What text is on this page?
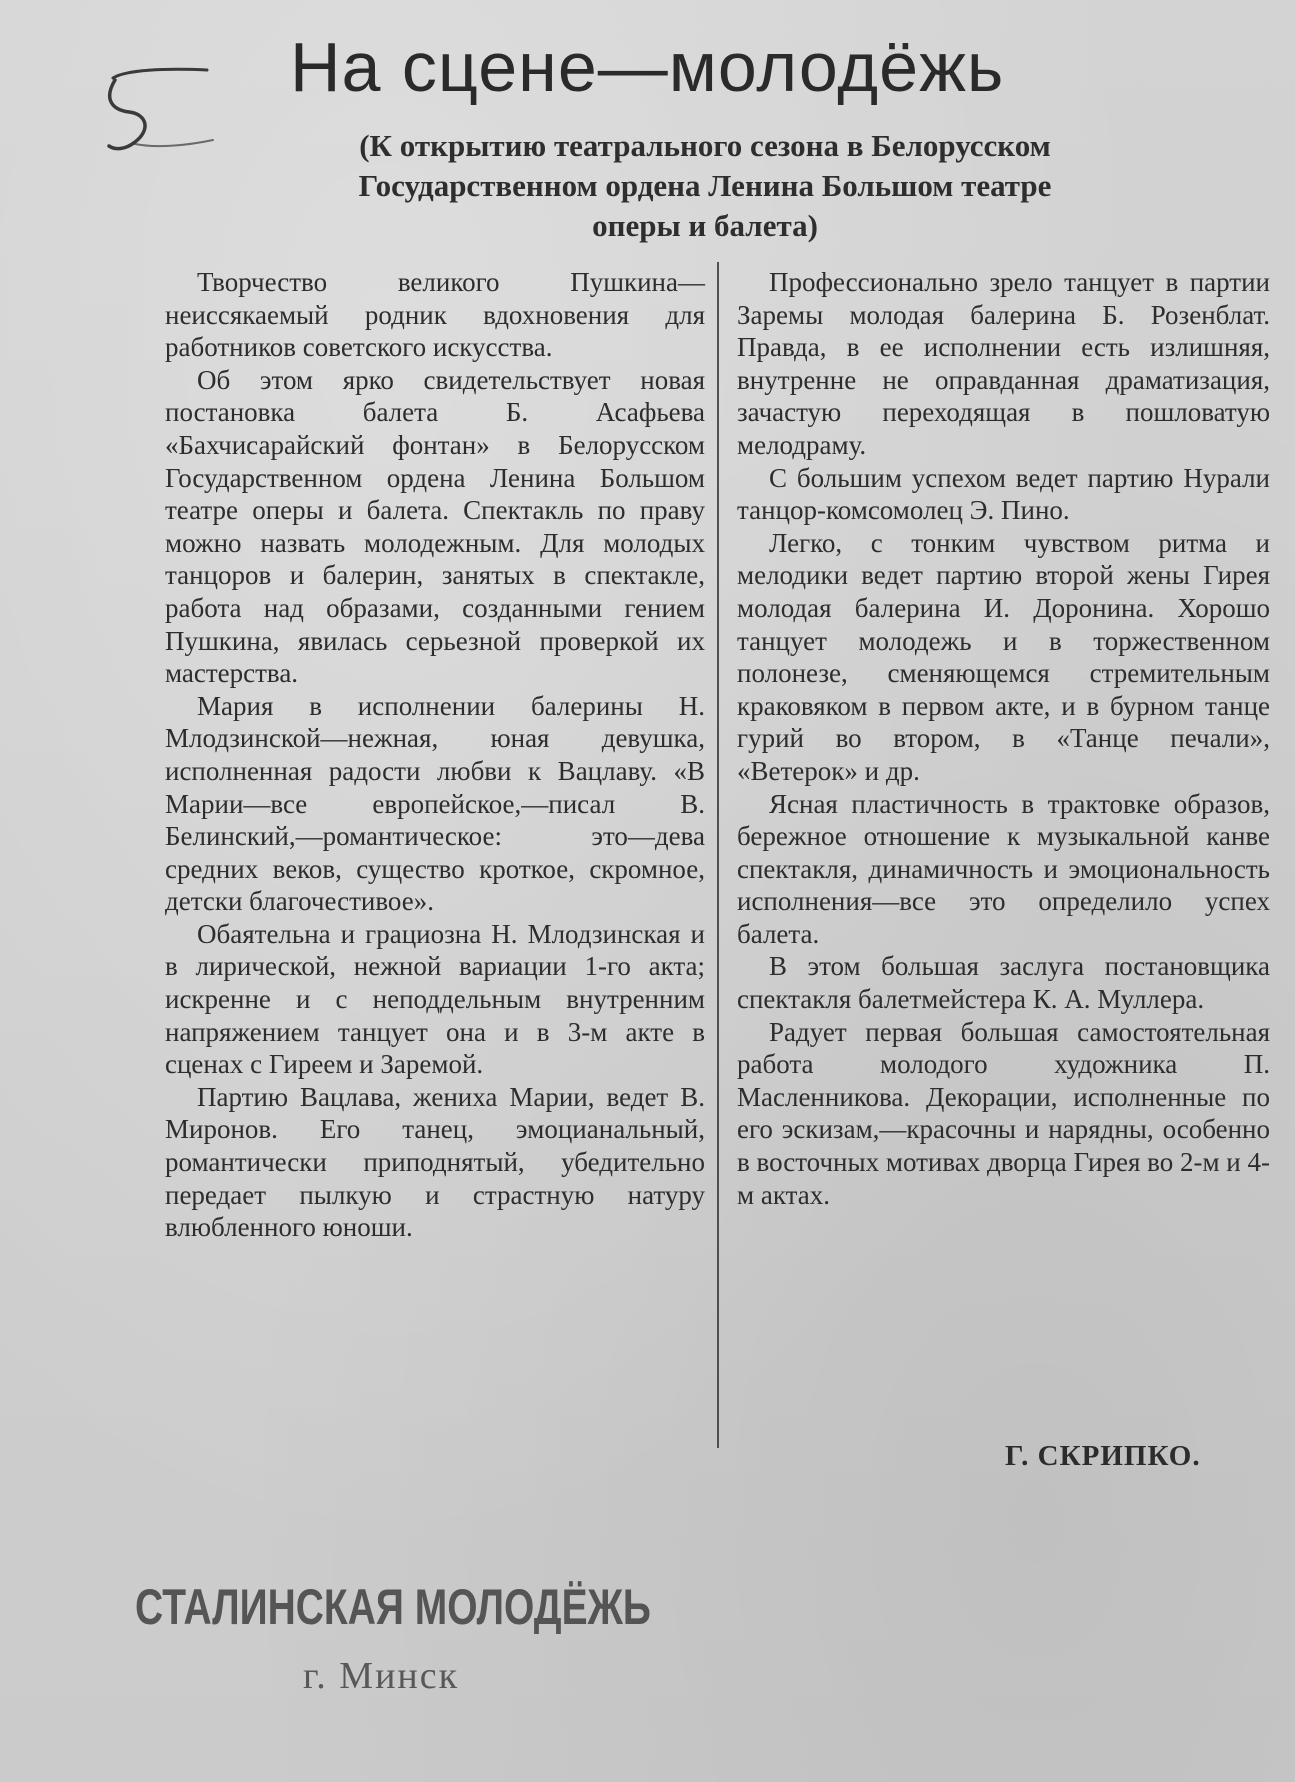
На сцене—молодёжь
(К открытию театрального сезона в Белорусском
Государственном ордена Ленина Большом театре
оперы и балета)

Творчество великого Пушкина—неиссякаемый родник вдохновения для работников советского искусства.

Об этом ярко свидетельствует новая постановка балета Б. Асафьева «Бахчисарайский фонтан» в Белорусском Государственном ордена Ленина Большом театре оперы и балета. Спектакль по праву можно назвать молодежным. Для молодых танцоров и балерин, занятых в спектакле, работа над образами, созданными гением Пушкина, явилась серьезной проверкой их мастерства.

Мария в исполнении балерины Н. Млодзинской—нежная, юная девушка, исполненная радости любви к Вацлаву. «В Марии—все европейское,—писал В. Белинский,—романтическое: это—дева средних веков, существо кроткое, скромное, детски благочестивое».

Обаятельна и грациозна Н. Млодзинская и в лирической, нежной вариации 1-го акта; искренне и с неподдельным внутренним напряжением танцует она и в 3-м акте в сценах с Гиреем и Заремой.

Партию Вацлава, жениха Марии, ведет В. Миронов. Его танец, эмоцианальный, романтически приподнятый, убедительно передает пылкую и страстную натуру влюбленного юноши.

Профессионально зрело танцует в партии Заремы молодая балерина Б. Розенблат. Правда, в ее исполнении есть излишняя, внутренне не оправданная драматизация, зачастую переходящая в пошловатую мелодраму.

С большим успехом ведет партию Нурали танцор-комсомолец Э. Пино.

Легко, с тонким чувством ритма и мелодики ведет партию второй жены Гирея молодая балерина И. Доронина. Хорошо танцует молодежь и в торжественном полонезе, сменяющемся стремительным краковяком в первом акте, и в бурном танце гурий во втором, в «Танце печали», «Ветерок» и др.

Ясная пластичность в трактовке образов, бережное отношение к музыкальной канве спектакля, динамичность и эмоциональность исполнения—все это определило успех балета.

В этом большая заслуга постановщика спектакля балетмейстера К. А. Муллера.

Радует первая большая самостоятельная работа молодого художника П. Масленникова. Декорации, исполненные по его эскизам,—красочны и нарядны, особенно в восточных мотивах дворца Гирея во 2-м и 4-м актах.

Г. СКРИПКО.
СТАЛИНСКАЯ МОЛОДЁЖЬ
г. Минск
